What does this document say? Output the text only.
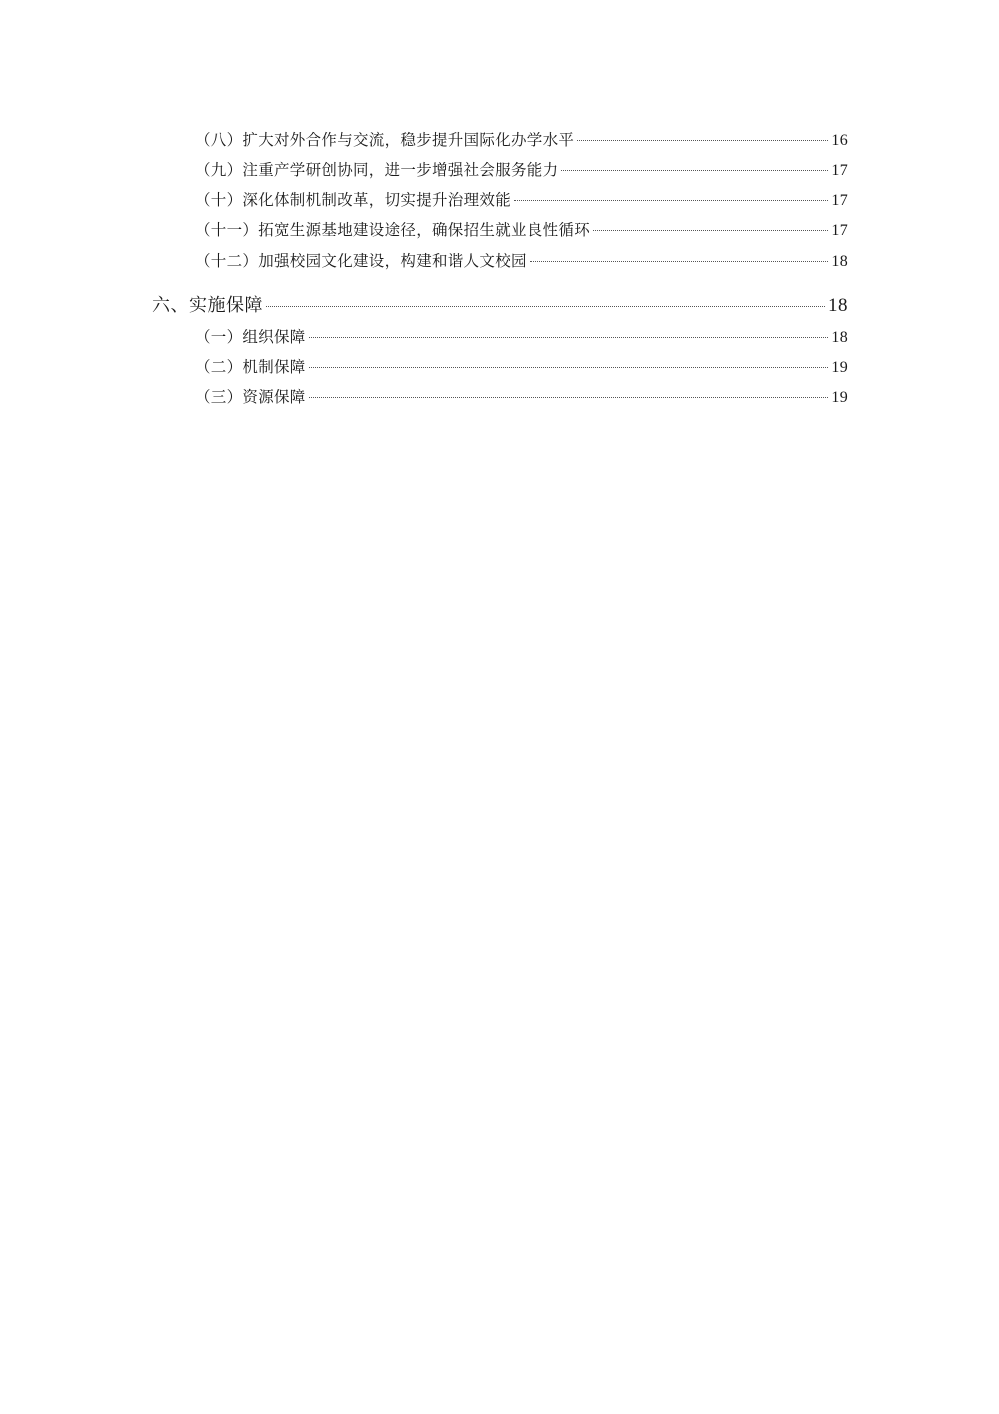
（八）扩大对外合作与交流，稳步提升国际化办学水平	16
（九）注重产学研创协同，进一步增强社会服务能力	17
（十）深化体制机制改革，切实提升治理效能	17
（十一）拓宽生源基地建设途径，确保招生就业良性循环	17
（十二）加强校园文化建设，构建和谐人文校园	18
六、实施保障	18
（一）组织保障	18
（二）机制保障	19
（三）资源保障	19
